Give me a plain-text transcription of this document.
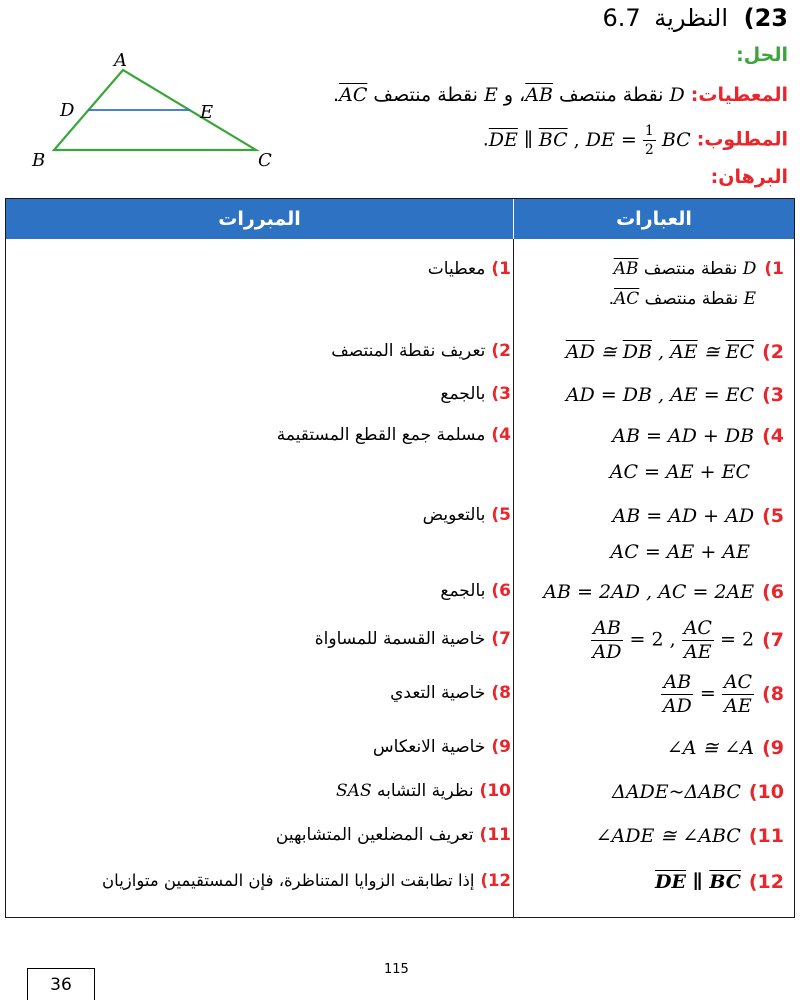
23) النظرية 6.7
A
D	E
B	C
الحل:
المعطيات: D نقطة منتصف $\overline{AB}،$ و E نقطة منتصف $\overline{AC}$.
المطلوب: $\overline{DE}$ ∥ $\overline{BC}$ , DE = $\frac{1}{2}$ BC.
البرهان:
المبررات	العبارات
1)معطيات	1)D نقطة منتصف $\overline{AB}$
E نقطة منتصف $\overline{AC}$.
2)تعريف نقطة المنتصف	$2)\overline{AD}$ ≅ $\overline{DB}$ , $\overline{AE}$ ≅ $\overline{EC}$
3)بالجمع	3)AD = DB , AE = EC
4)مسلمة جمع القطع المستقيمة	4)AB = AD + DB
AC = AE + EC
5)بالتعويض	5)AB = AD + AD
AC = AE + AE
6)بالجمع	6)AB = 2AD , AC = 2AE
7)خاصية القسمة للمساواة	7)
$\frac{AB}{AD} = 2$ , $\frac{AC}{AE} = 2$
8)خاصية التعدي	8)
$\frac{AB}{AD} = \frac{AC}{AE}$
9)خاصية الانعكاس	9)∠A ≅ ∠A
10)نظرية التشابه SAS	10)ΔADE~ΔABC
11)تعريف المضلعين المتشابهين	11)∠ADE ≅ ∠ABC
12)إذا تطابقت الزوايا المتناظرة، فإن المستقيمين متوازيان	$12)\overline{DE}$ ∥ $\overline{BC}$
115
36
